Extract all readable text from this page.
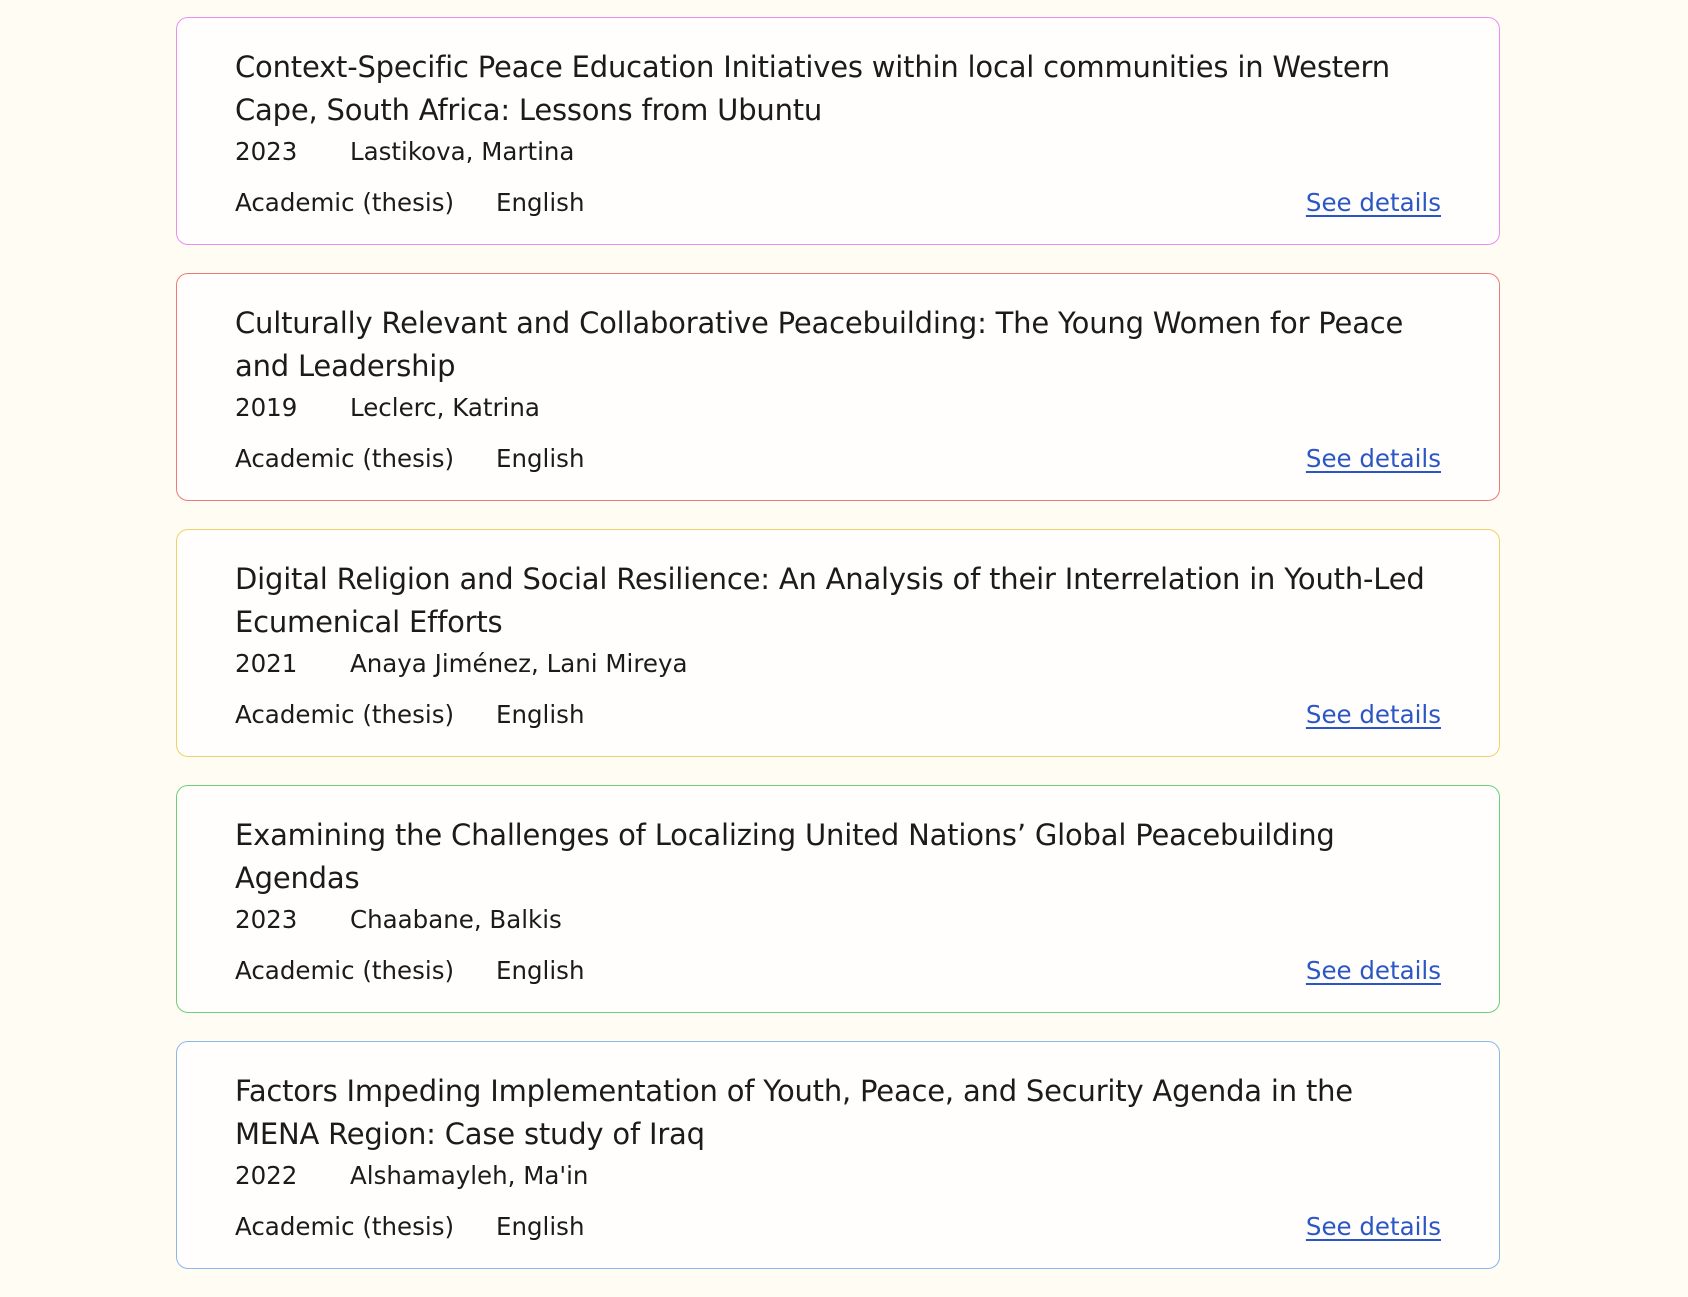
Context-Specific Peace Education Initiatives within local communities in Western Cape, South Africa: Lessons from Ubuntu
2023	Lastikova, Martina
Academic (thesis)	English	See details
Culturally Relevant and Collaborative Peacebuilding: The Young Women for Peace and Leadership
2019	Leclerc, Katrina
Academic (thesis)	English	See details
Digital Religion and Social Resilience: An Analysis of their Interrelation in Youth-Led Ecumenical Efforts
2021	Anaya Jiménez, Lani Mireya
Academic (thesis)	English	See details
Examining the Challenges of Localizing United Nations’ Global Peacebuilding Agendas
2023	Chaabane, Balkis
Academic (thesis)	English	See details
Factors Impeding Implementation of Youth, Peace, and Security Agenda in the MENA Region: Case study of Iraq
2022	Alshamayleh, Ma'in
Academic (thesis)	English	See details
